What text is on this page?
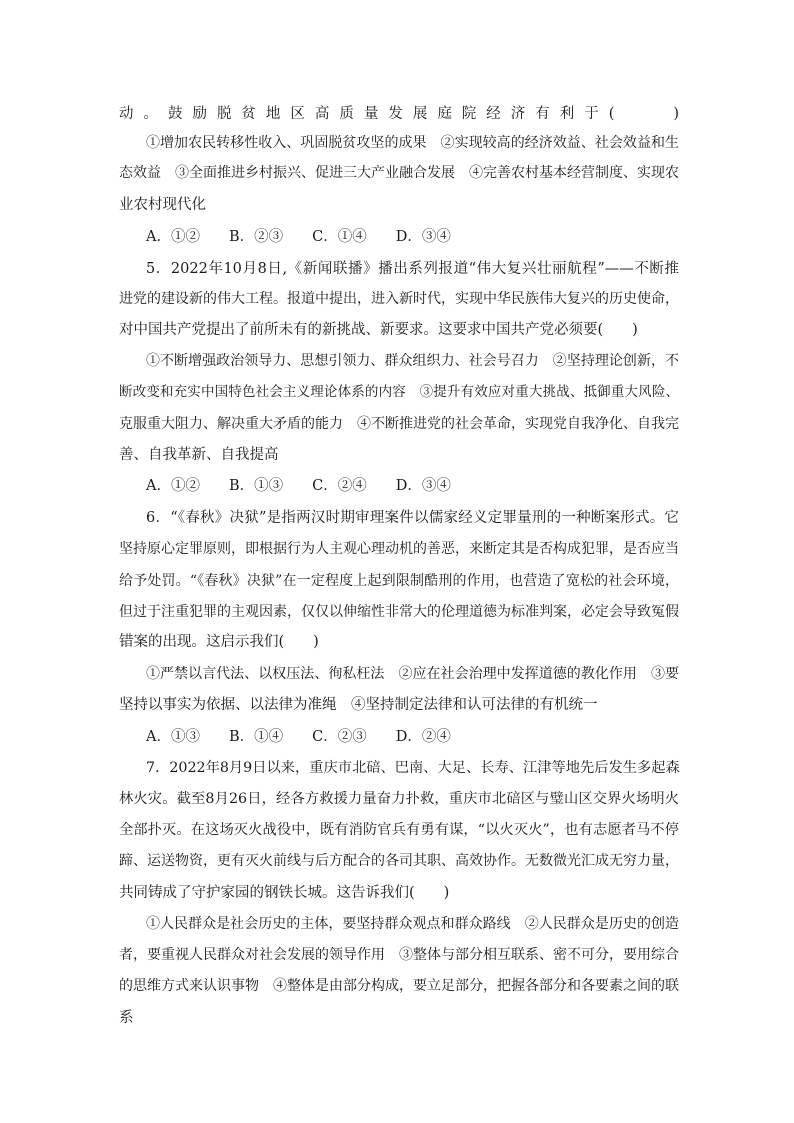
动。鼓励脱贫地区高质量发展庭院经济有利于(　　)
①增加农民转移性收入、巩固脱贫攻坚的成果　②实现较高的经济效益、社会效益和生
态效益　③全面推进乡村振兴、促进三大产业融合发展　④完善农村基本经营制度、实现农
业农村现代化
A．①②　　B．②③　　C．①④　　D．③④
5．2022年10月8日,《新闻联播》播出系列报道“伟大复兴壮丽航程”——不断推
进党的建设新的伟大工程。报道中提出，进入新时代，实现中华民族伟大复兴的历史使命，
对中国共产党提出了前所未有的新挑战、新要求。这要求中国共产党必须要(　　)
①不断增强政治领导力、思想引领力、群众组织力、社会号召力　②坚持理论创新，不
断改变和充实中国特色社会主义理论体系的内容　③提升有效应对重大挑战、抵御重大风险、
克服重大阻力、解决重大矛盾的能力　④不断推进党的社会革命，实现党自我净化、自我完
善、自我革新、自我提高
A．①②　　B．①③　　C．②④　　D．③④
6．“《春秋》决狱”是指两汉时期审理案件以儒家经义定罪量刑的一种断案形式。它
坚持原心定罪原则，即根据行为人主观心理动机的善恶，来断定其是否构成犯罪，是否应当
给予处罚。“《春秋》决狱”在一定程度上起到限制酷刑的作用，也营造了宽松的社会环境，
但过于注重犯罪的主观因素，仅仅以伸缩性非常大的伦理道德为标准判案，必定会导致冤假
错案的出现。这启示我们(　　)
①严禁以言代法、以权压法、徇私枉法　②应在社会治理中发挥道德的教化作用　③要
坚持以事实为依据、以法律为准绳　④坚持制定法律和认可法律的有机统一
A．①③　　B．①④　　C．②③　　D．②④
7．2022年8月9日以来，重庆市北碚、巴南、大足、长寿、江津等地先后发生多起森
林火灾。截至8月26日，经各方救援力量奋力扑救，重庆市北碚区与璧山区交界火场明火
全部扑灭。在这场灭火战役中，既有消防官兵有勇有谋，“以火灭火”，也有志愿者马不停
蹄、运送物资，更有灭火前线与后方配合的各司其职、高效协作。无数微光汇成无穷力量，
共同铸成了守护家园的钢铁长城。这告诉我们(　　)
①人民群众是社会历史的主体，要坚持群众观点和群众路线　②人民群众是历史的创造
者，要重视人民群众对社会发展的领导作用　③整体与部分相互联系、密不可分，要用综合
的思维方式来认识事物　④整体是由部分构成，要立足部分，把握各部分和各要素之间的联
系
